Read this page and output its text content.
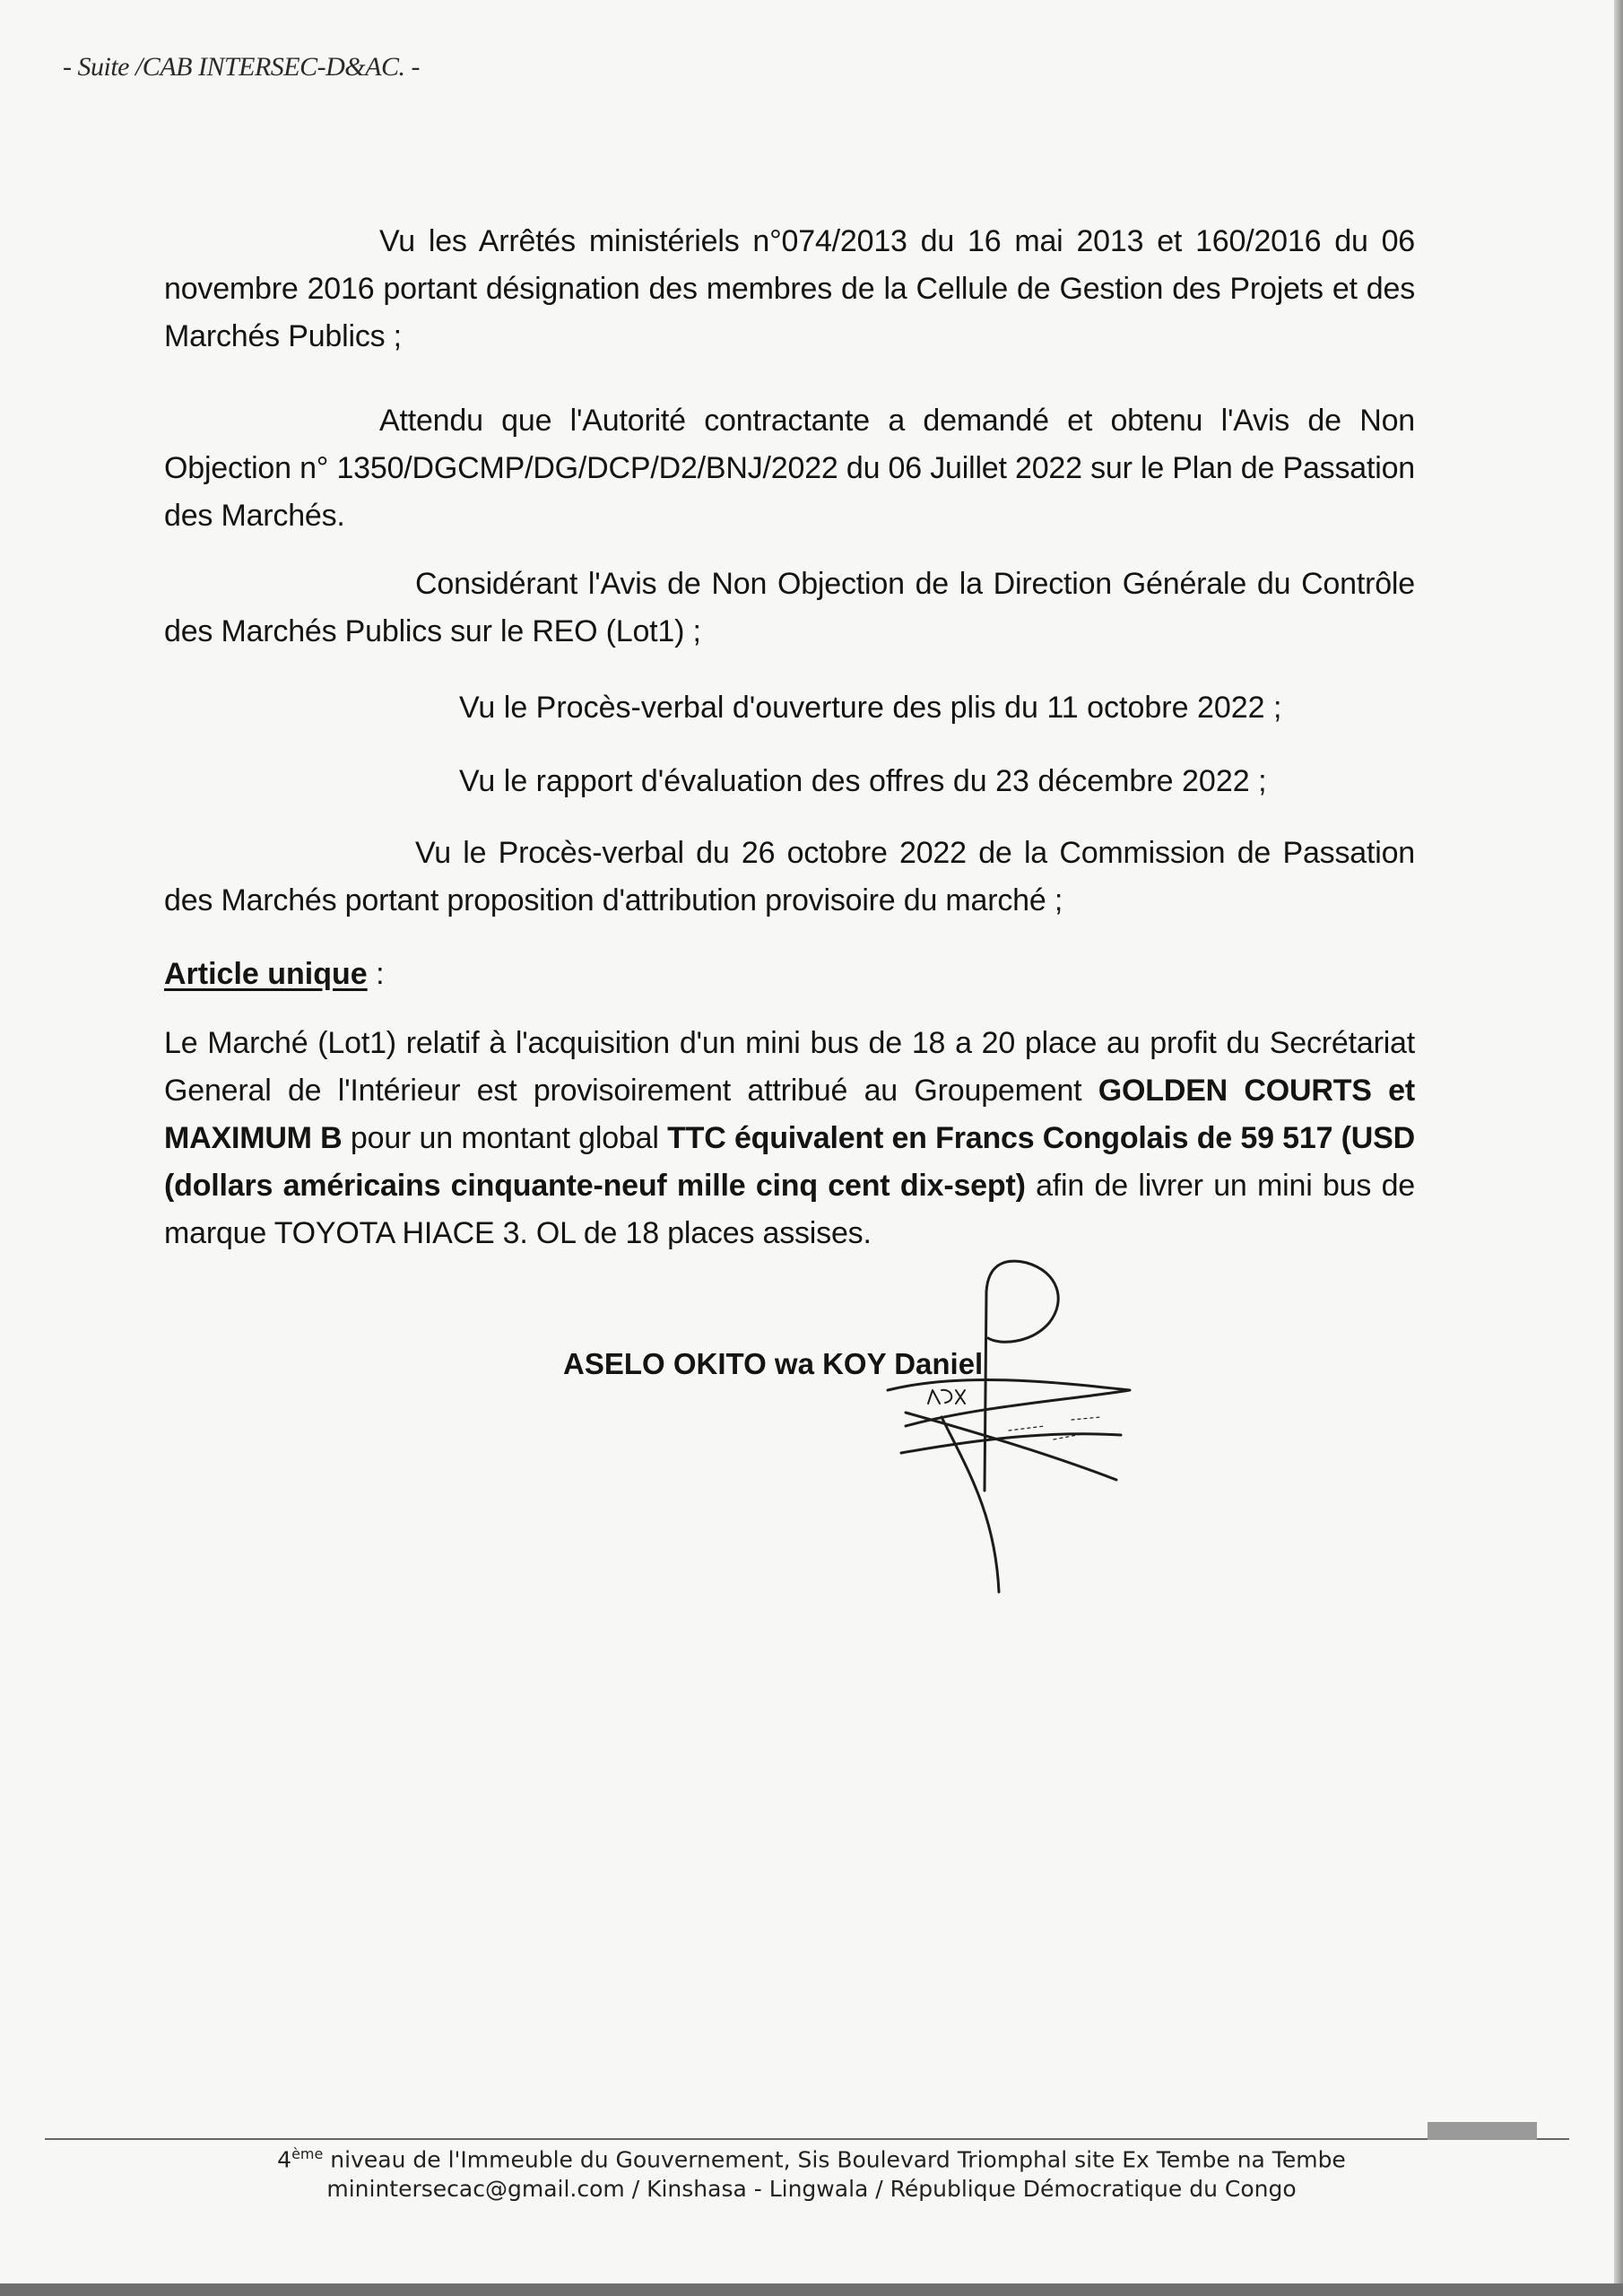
- Suite /CAB INTERSEC-D&AC. -

Vu les Arrêtés ministériels n°074/2013 du 16 mai 2013 et 160/2016 du 06 novembre 2016 portant désignation des membres de la Cellule de Gestion des Projets et des Marchés Publics ;

Attendu que l'Autorité contractante a demandé et obtenu l'Avis de Non Objection n° 1350/DGCMP/DG/DCP/D2/BNJ/2022 du 06 Juillet 2022 sur le Plan de Passation des Marchés.

Considérant l'Avis de Non Objection de la Direction Générale du Contrôle des Marchés Publics sur le REO (Lot1) ;

Vu le Procès-verbal d'ouverture des plis du 11 octobre 2022 ;

Vu le rapport d'évaluation des offres du 23 décembre 2022 ;

Vu le Procès-verbal du 26 octobre 2022 de la Commission de Passation des Marchés portant proposition d'attribution provisoire du marché ;

Article unique :

Le Marché (Lot1) relatif à l'acquisition d'un mini bus de 18 a 20 place au profit du Secrétariat General de l'Intérieur est provisoirement attribué au Groupement GOLDEN COURTS et MAXIMUM B pour un montant global TTC équivalent en Francs Congolais de 59 517 (USD (dollars américains cinquante-neuf mille cinq cent dix-sept) afin de livrer un mini bus de marque TOYOTA HIACE 3. OL de 18 places assises.

ASELO OKITO wa KOY Daniel

4ème niveau de l'Immeuble du Gouvernement, Sis Boulevard Triomphal site Ex Tembe na Tembe

minintersecac@gmail.com / Kinshasa - Lingwala / République Démocratique du Congo
